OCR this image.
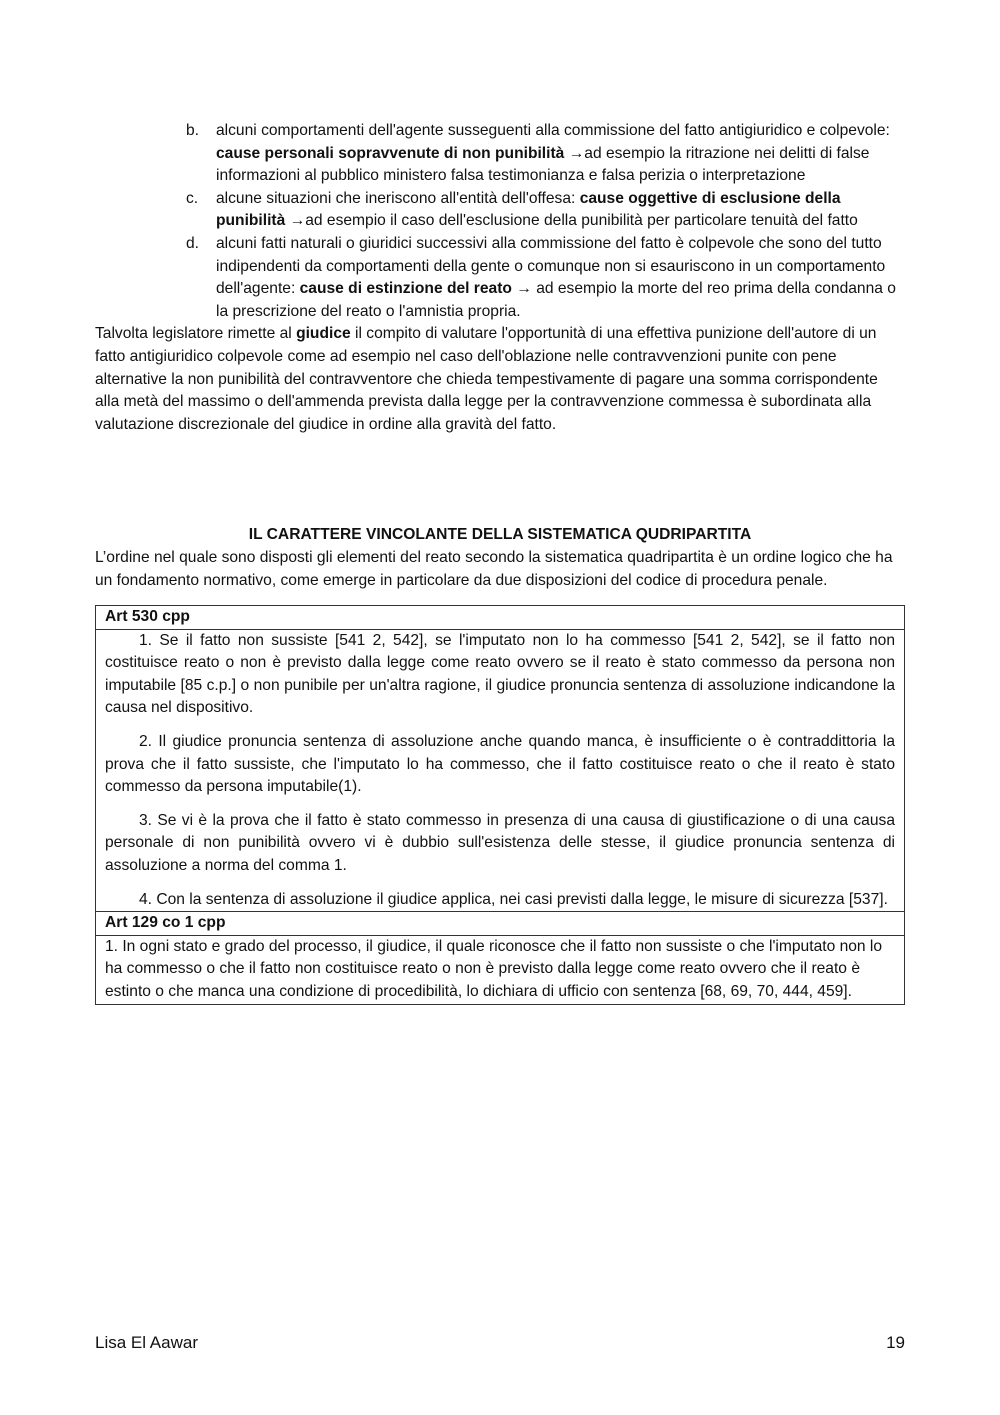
b. alcuni comportamenti dell'agente susseguenti alla commissione del fatto antigiuridico e colpevole: cause personali sopravvenute di non punibilità →ad esempio la ritrazione nei delitti di false informazioni al pubblico ministero falsa testimonianza e falsa perizia o interpretazione
c. alcune situazioni che ineriscono all'entità dell'offesa: cause oggettive di esclusione della punibilità →ad esempio il caso dell'esclusione della punibilità per particolare tenuità del fatto
d. alcuni fatti naturali o giuridici successivi alla commissione del fatto è colpevole che sono del tutto indipendenti da comportamenti della gente o comunque non si esauriscono in un comportamento dell'agente: cause di estinzione del reato → ad esempio la morte del reo prima della condanna o la prescrizione del reato o l'amnistia propria.

Talvolta legislatore rimette al giudice il compito di valutare l'opportunità di una effettiva punizione dell'autore di un fatto antigiuridico colpevole come ad esempio nel caso dell'oblazione nelle contravvenzioni punite con pene alternative la non punibilità del contravventore che chieda tempestivamente di pagare una somma corrispondente alla metà del massimo o dell'ammenda prevista dalla legge per la contravvenzione commessa è subordinata alla valutazione discrezionale del giudice in ordine alla gravità del fatto.

IL CARATTERE VINCOLANTE DELLA SISTEMATICA QUDRIPARTITA

L’ordine nel quale sono disposti gli elementi del reato secondo la sistematica quadripartita è un ordine logico che ha un fondamento normativo, come emerge in particolare da due disposizioni del codice di procedura penale.

Art 530 cpp

1. Se il fatto non sussiste [541 2, 542], se l'imputato non lo ha commesso [541 2, 542], se il fatto non costituisce reato o non è previsto dalla legge come reato ovvero se il reato è stato commesso da persona non imputabile [85 c.p.] o non punibile per un'altra ragione, il giudice pronuncia sentenza di assoluzione indicandone la causa nel dispositivo.

2. Il giudice pronuncia sentenza di assoluzione anche quando manca, è insufficiente o è contraddittoria la prova che il fatto sussiste, che l'imputato lo ha commesso, che il fatto costituisce reato o che il reato è stato commesso da persona imputabile(1).

3. Se vi è la prova che il fatto è stato commesso in presenza di una causa di giustificazione o di una causa personale di non punibilità ovvero vi è dubbio sull'esistenza delle stesse, il giudice pronuncia sentenza di assoluzione a norma del comma 1.

4. Con la sentenza di assoluzione il giudice applica, nei casi previsti dalla legge, le misure di sicurezza [537].

Art 129 co 1 cpp

1. In ogni stato e grado del processo, il giudice, il quale riconosce che il fatto non sussiste o che l'imputato non lo ha commesso o che il fatto non costituisce reato o non è previsto dalla legge come reato ovvero che il reato è estinto o che manca una condizione di procedibilità, lo dichiara di ufficio con sentenza [68, 69, 70, 444, 459].

Lisa El Aawar	19
